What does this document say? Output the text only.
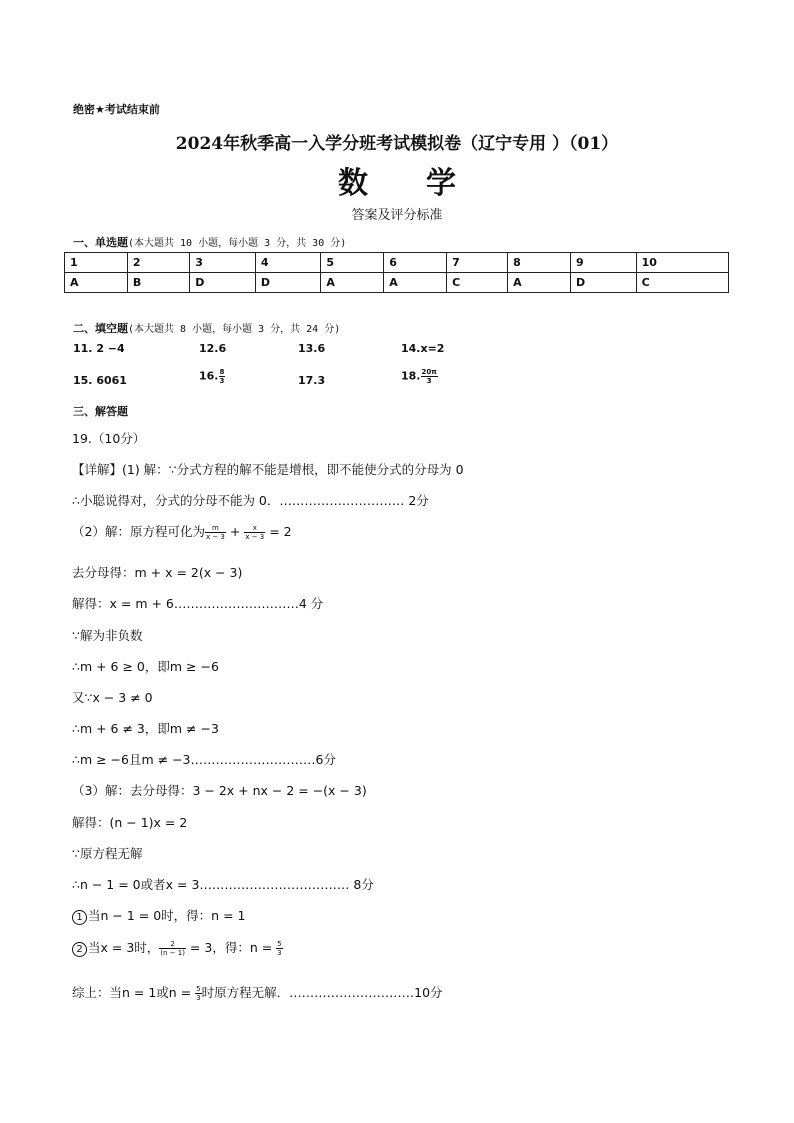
绝密★考试结束前
2024年秋季高一入学分班考试模拟卷（辽宁专用 ）（01）
数学
答案及评分标准
一、单选题(本大题共 10 小题，每小题 3 分，共 30 分)
1	2	3	4	5	6	7	8	9	10
A	B	D	D	A	A	C	A	D	C
二、填空题(本大题共 8 小题，每小题 3 分，共 24 分)
11. 2 −4	12.6	13.6	14.x=2
15. 6061	16. $\frac{8}{3}$	17.3	18. $\frac{20\pi}{3}$
三、解答题
19.（10分）
【详解】(1) 解：∵分式方程的解不能是增根，即不能使分式的分母为 0
∴小聪说得对，分式的分母不能为 0．………………………… 2分
（2）解：原方程可化为 $\frac{m}{x - 3} + \frac{x}{x - 3} = 2$
去分母得：m + x = 2(x − 3)
解得：x = m + 6…………………………4 分
∵解为非负数
∴m + 6 ≥ 0，即m ≥ −6
又∵x − 3 ≠ 0
∴m + 6 ≠ 3，即m ≠ −3
∴m ≥ −6且m ≠ −3…………………………6分
（3）解：去分母得：3 − 2x + nx − 2 = −(x − 3)
解得：(n − 1)x = 2
∵原方程无解
∴n − 1 = 0或者x = 3……………………………… 8分
1 当n − 1 = 0时，得：n = 1
2 当x = 3时， $\frac{2}{(n - 1)} = 3$，得：$n = \frac{5}{3}$
综上：当n = 1或$n = \frac{5}{3}$ 时原方程无解．…………………………10分
